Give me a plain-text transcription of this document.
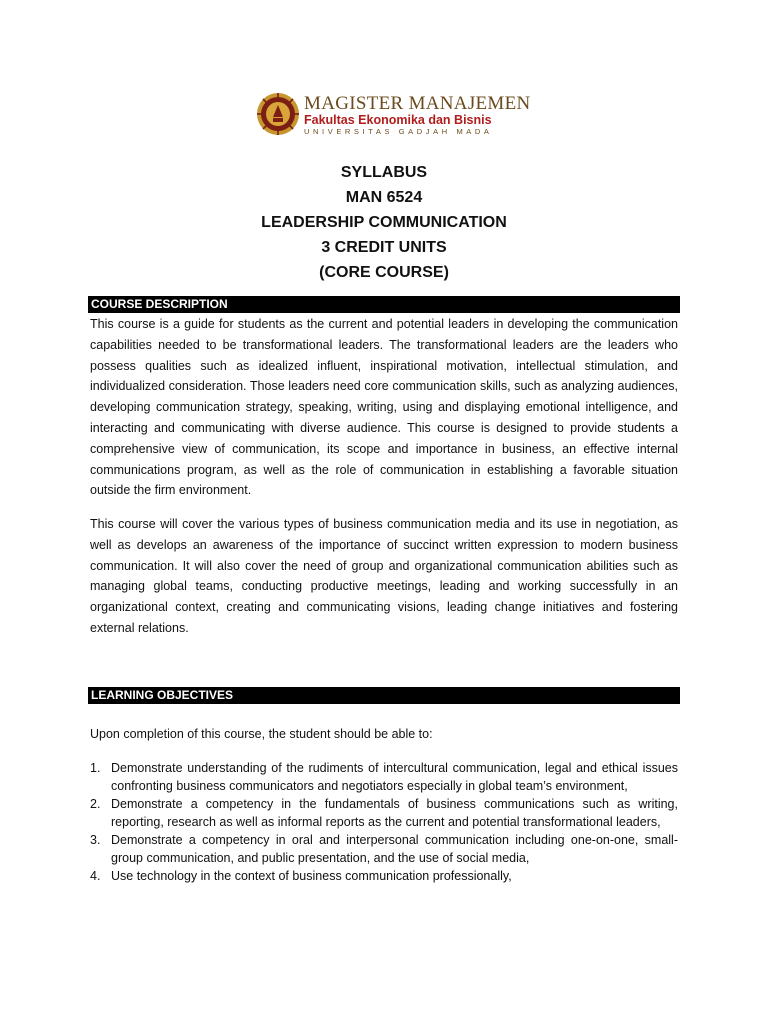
MAGISTER MANAJEMEN
Fakultas Ekonomika dan Bisnis
UNIVERSITAS GADJAH MADA
SYLLABUS
MAN 6524
LEADERSHIP COMMUNICATION
3 CREDIT UNITS
(CORE COURSE)
COURSE DESCRIPTION

This course is a guide for students as the current and potential leaders in developing the communication capabilities needed to be transformational leaders. The transformational leaders are the leaders who possess qualities such as idealized influent, inspirational motivation, intellectual stimulation, and individualized consideration. Those leaders need core communication skills, such as analyzing audiences, developing communication strategy, speaking, writing, using and displaying emotional intelligence, and interacting and communicating with diverse audience. This course is designed to provide students a comprehensive view of communication, its scope and importance in business, an effective internal communications program, as well as the role of communication in establishing a favorable situation outside the firm environment.

This course will cover the various types of business communication media and its use in negotiation, as well as develops an awareness of the importance of succinct written expression to modern business communication. It will also cover the need of group and organizational communication abilities such as managing global teams, conducting productive meetings, leading and working successfully in an organizational context, creating and communicating visions, leading change initiatives and fostering external relations.

LEARNING OBJECTIVES
Upon completion of this course, the student should be able to:
1. Demonstrate understanding of the rudiments of intercultural communication, legal and ethical issues confronting business communicators and negotiators especially in global team’s environment,
2. Demonstrate a competency in the fundamentals of business communications such as writing, reporting, research as well as informal reports as the current and potential transformational leaders,
3. Demonstrate a competency in oral and interpersonal communication including one-on-one, small-group communication, and public presentation, and the use of social media,
4. Use technology in the context of business communication professionally,
